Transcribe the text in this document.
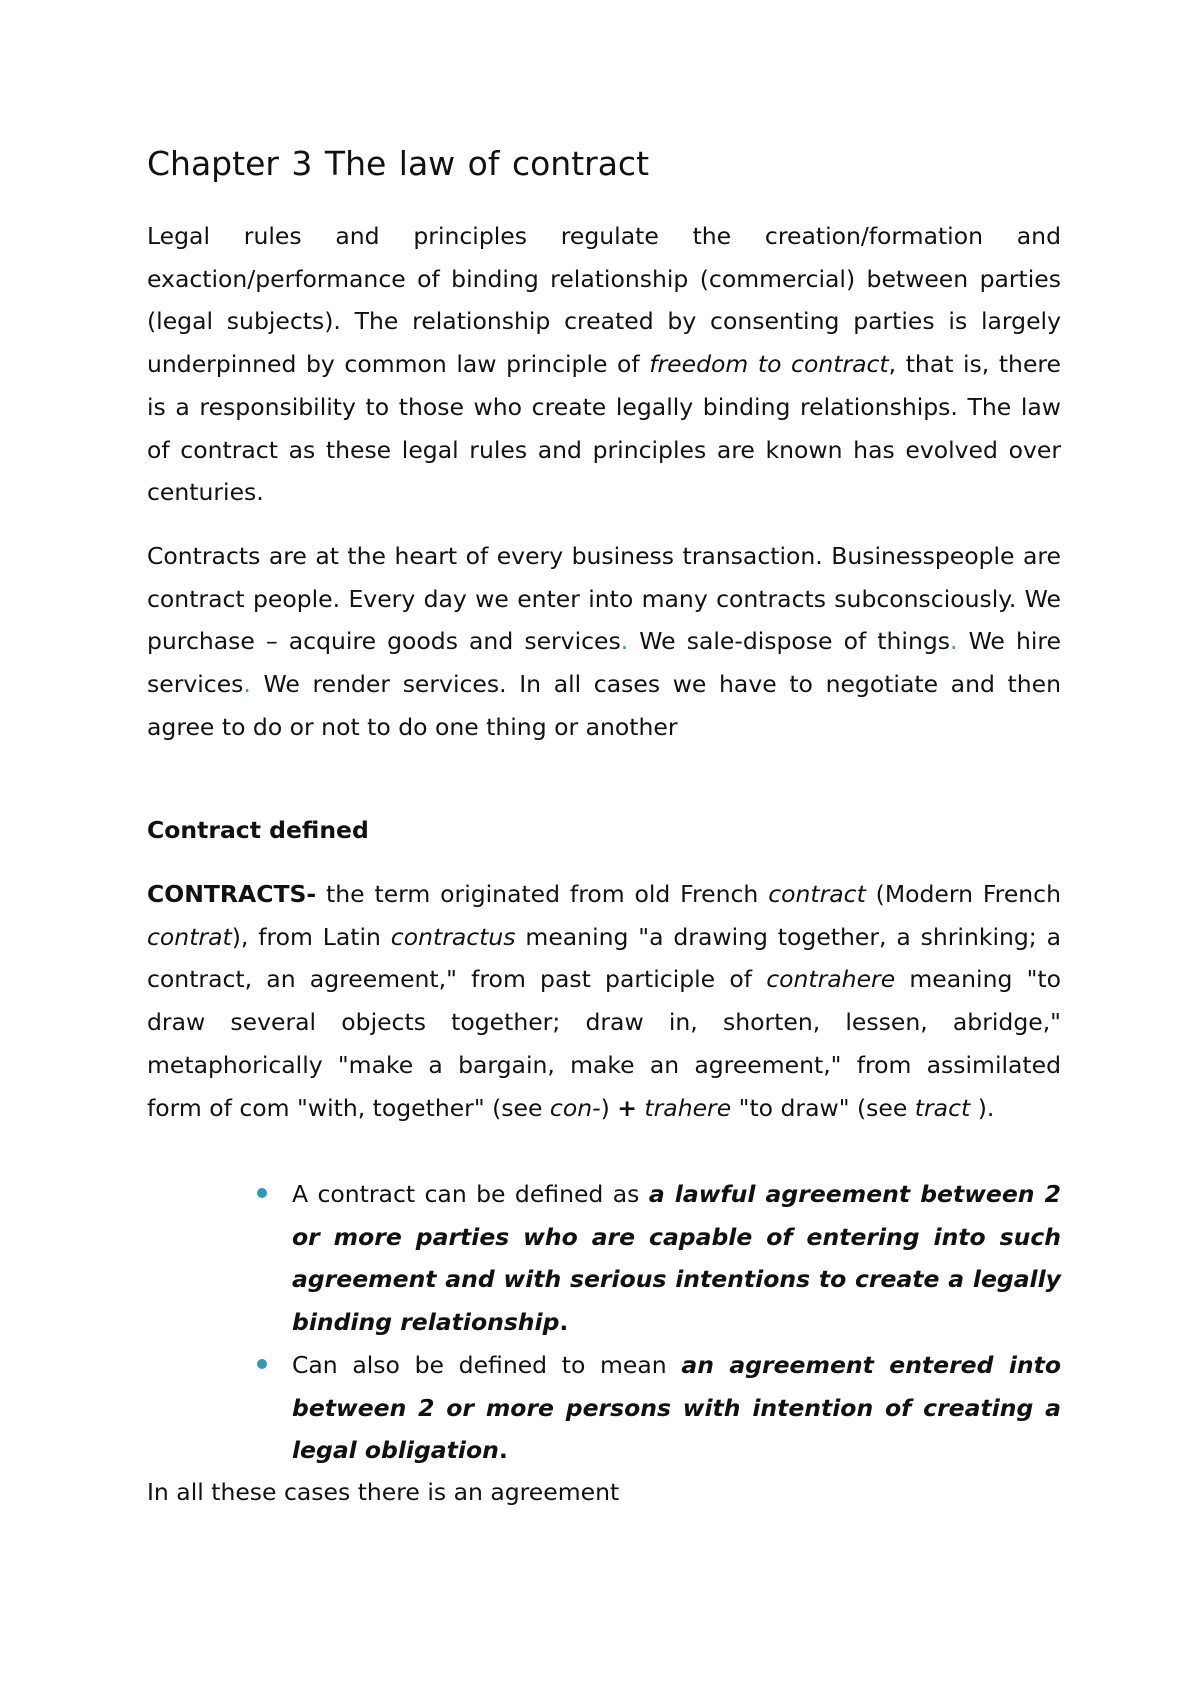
Chapter 3 The law of contract

Legal rules and principles regulate the creation/formation and exaction/performance of binding relationship (commercial) between parties (legal subjects). The relationship created by consenting parties is largely underpinned by common law principle of freedom to contract, that is, there is a responsibility to those who create legally binding relationships. The law of contract as these legal rules and principles are known has evolved over centuries.

Contracts are at the heart of every business transaction. Businesspeople are contract people. Every day we enter into many contracts subconsciously. We purchase – acquire goods and services. We sale-dispose of things. We hire services. We render services. In all cases we have to negotiate and then agree to do or not to do one thing or another

Contract defined

CONTRACTS- the term originated from old French contract (Modern French contrat), from Latin contractus meaning "a drawing together, a shrinking; a contract, an agreement," from past participle of contrahere meaning "to draw several objects together; draw in, shorten, lessen, abridge," metaphorically "make a bargain, make an agreement," from assimilated form of com "with, together" (see con-) + trahere "to draw" (see tract ).

A contract can be defined as a lawful agreement between 2 or more parties who are capable of entering into such agreement and with serious intentions to create a legally binding relationship.
Can also be defined to mean an agreement entered into between 2 or more persons with intention of creating a legal obligation.

In all these cases there is an agreement
